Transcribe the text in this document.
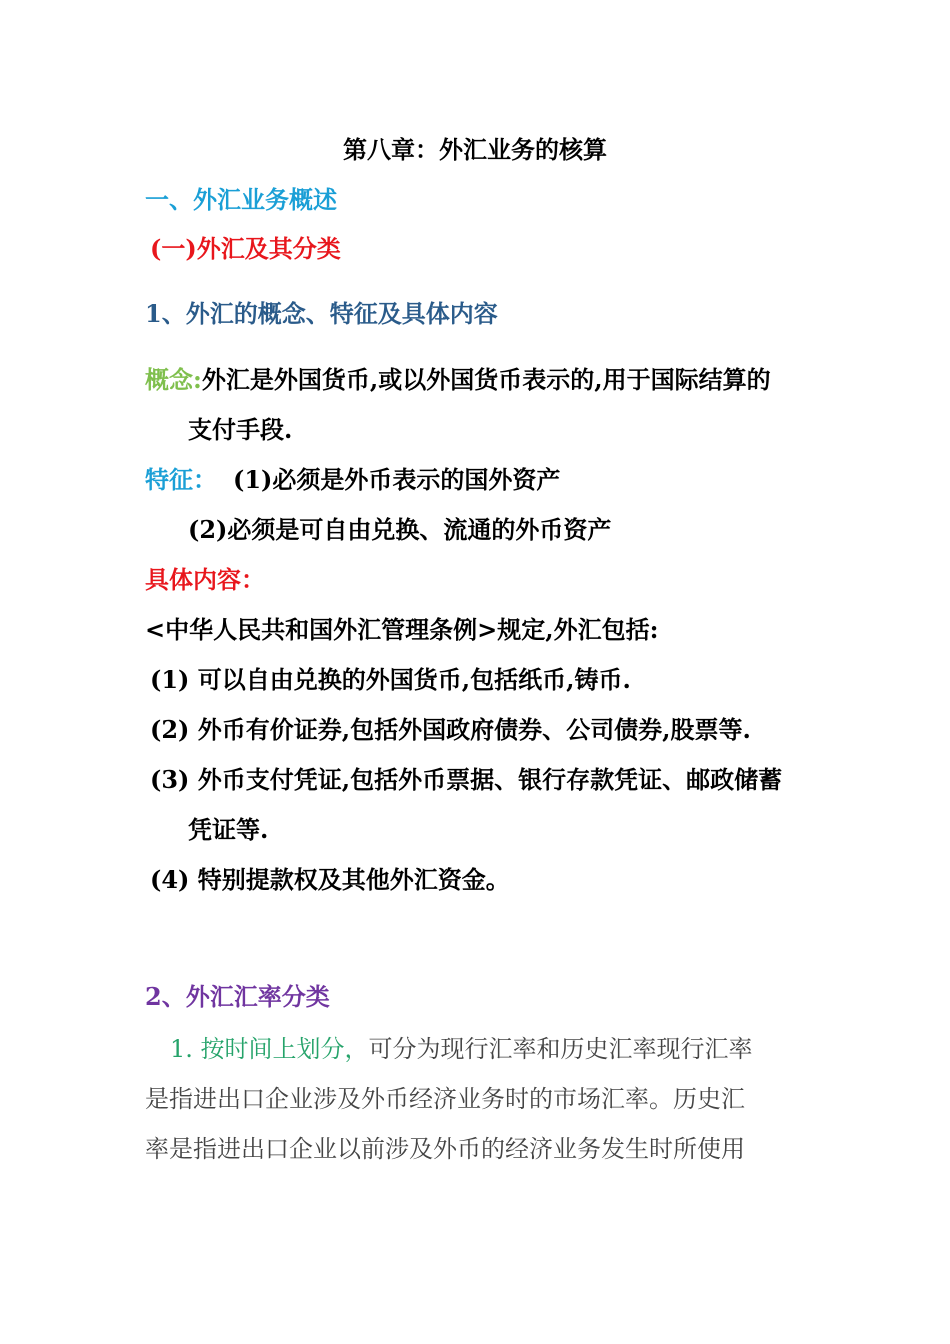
第八章：外汇业务的核算
一、外汇业务概述
(一)外汇及其分类
1、外汇的概念、特征及具体内容
概念:外汇是外国货币,或以外国货币表示的,用于国际结算的
支付手段.
特征： (1)必须是外币表示的国外资产
(2)必须是可自由兑换、流通的外币资产
具体内容：
<中华人民共和国外汇管理条例>规定,外汇包括:
(1) 可以自由兑换的外国货币,包括纸币,铸币.
(2) 外币有价证券,包括外国政府债券、公司债券,股票等.
(3) 外币支付凭证,包括外币票据、银行存款凭证、邮政储蓄
凭证等.
(4) 特别提款权及其他外汇资金。
2、外汇汇率分类
1. 按时间上划分，可分为现行汇率和历史汇率现行汇率
是指进出口企业涉及外币经济业务时的市场汇率。历史汇
率是指进出口企业以前涉及外币的经济业务发生时所使用
